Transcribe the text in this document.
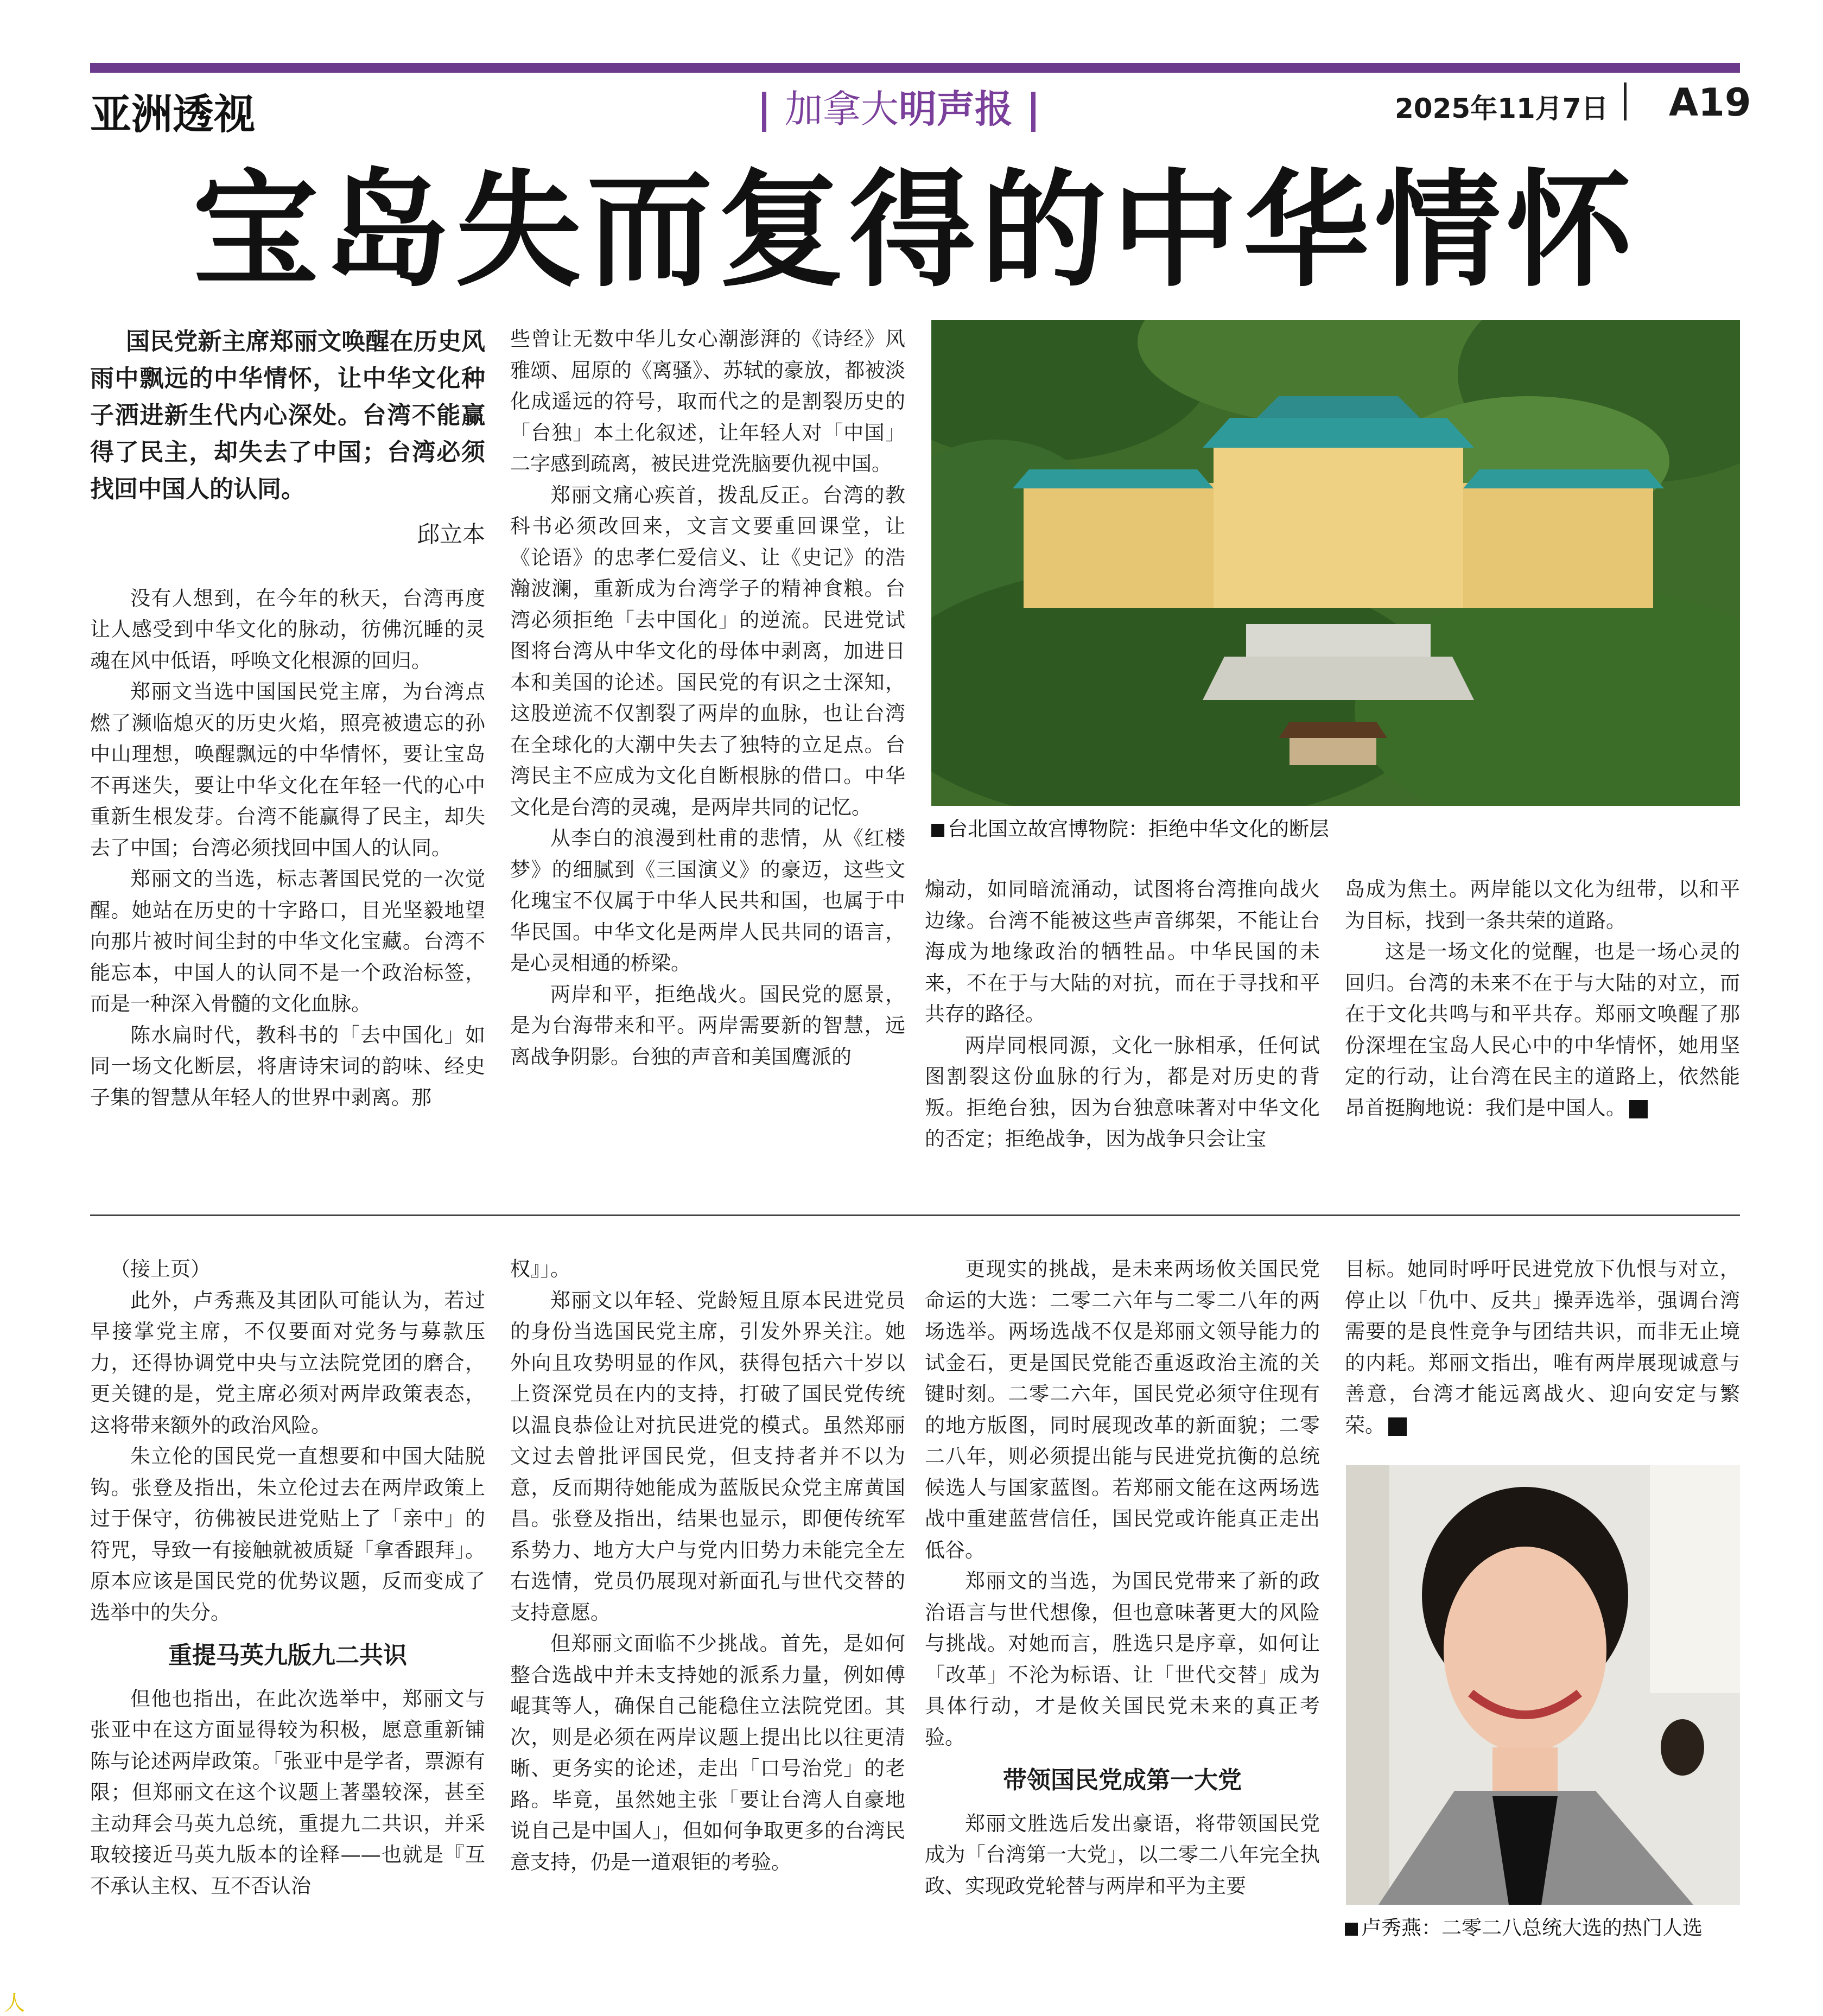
亚洲透视	加拿大明声报	2025年11月7日 A19
宝岛失而复得的中华情怀

国民党新主席郑丽文唤醒在历史风雨中飘远的中华情怀，让中华文化种子洒进新生代内心深处。台湾不能赢得了民主，却失去了中国；台湾必须找回中国人的认同。

邱立本

没有人想到，在今年的秋天，台湾再度让人感受到中华文化的脉动，彷佛沉睡的灵魂在风中低语，呼唤文化根源的回归。

郑丽文当选中国国民党主席，为台湾点燃了濒临熄灭的历史火焰，照亮被遗忘的孙中山理想，唤醒飘远的中华情怀，要让宝岛不再迷失，要让中华文化在年轻一代的心中重新生根发芽。台湾不能赢得了民主，却失去了中国；台湾必须找回中国人的认同。

郑丽文的当选，标志著国民党的一次觉醒。她站在历史的十字路口，目光坚毅地望向那片被时间尘封的中华文化宝藏。台湾不能忘本，中国人的认同不是一个政治标签，而是一种深入骨髓的文化血脉。

陈水扁时代，教科书的「去中国化」如同一场文化断层，将唐诗宋词的韵味、经史子集的智慧从年轻人的世界中剥离。那

些曾让无数中华儿女心潮澎湃的《诗经》风雅颂、屈原的《离骚》、苏轼的豪放，都被淡化成遥远的符号，取而代之的是割裂历史的「台独」本土化叙述，让年轻人对「中国」二字感到疏离，被民进党洗脑要仇视中国。

郑丽文痛心疾首，拨乱反正。台湾的教科书必须改回来，文言文要重回课堂，让《论语》的忠孝仁爱信义、让《史记》的浩瀚波澜，重新成为台湾学子的精神食粮。台湾必须拒绝「去中国化」的逆流。民进党试图将台湾从中华文化的母体中剥离，加进日本和美国的论述。国民党的有识之士深知，这股逆流不仅割裂了两岸的血脉，也让台湾在全球化的大潮中失去了独特的立足点。台湾民主不应成为文化自断根脉的借口。中华文化是台湾的灵魂，是两岸共同的记忆。

从李白的浪漫到杜甫的悲情，从《红楼梦》的细腻到《三国演义》的豪迈，这些文化瑰宝不仅属于中华人民共和国，也属于中华民国。中华文化是两岸人民共同的语言，是心灵相通的桥梁。

两岸和平，拒绝战火。国民党的愿景，是为台海带来和平。两岸需要新的智慧，远离战争阴影。台独的声音和美国鹰派的

台北国立故宫博物院：拒绝中华文化的断层

煽动，如同暗流涌动，试图将台湾推向战火边缘。台湾不能被这些声音绑架，不能让台海成为地缘政治的牺牲品。中华民国的未来，不在于与大陆的对抗，而在于寻找和平共存的路径。

两岸同根同源，文化一脉相承，任何试图割裂这份血脉的行为，都是对历史的背叛。拒绝台独，因为台独意味著对中华文化的否定；拒绝战争，因为战争只会让宝

岛成为焦土。两岸能以文化为纽带，以和平为目标，找到一条共荣的道路。

这是一场文化的觉醒，也是一场心灵的回归。台湾的未来不在于与大陆的对立，而在于文化共鸣与和平共存。郑丽文唤醒了那份深埋在宝岛人民心中的中华情怀，她用坚定的行动，让台湾在民主的道路上，依然能昂首挺胸地说：我们是中国人。

（接上页）

此外，卢秀燕及其团队可能认为，若过早接掌党主席，不仅要面对党务与募款压力，还得协调党中央与立法院党团的磨合，更关键的是，党主席必须对两岸政策表态，这将带来额外的政治风险。

朱立伦的国民党一直想要和中国大陆脱钩。张登及指出，朱立伦过去在两岸政策上过于保守，彷佛被民进党贴上了「亲中」的符咒，导致一有接触就被质疑「拿香跟拜」。原本应该是国民党的优势议题，反而变成了选举中的失分。

重提马英九版九二共识

但他也指出，在此次选举中，郑丽文与张亚中在这方面显得较为积极，愿意重新铺陈与论述两岸政策。「张亚中是学者，票源有限；但郑丽文在这个议题上著墨较深，甚至主动拜会马英九总统，重提九二共识，并采取较接近马英九版本的诠释——也就是『互不承认主权、互不否认治

权』」。

郑丽文以年轻、党龄短且原本民进党员的身份当选国民党主席，引发外界关注。她外向且攻势明显的作风，获得包括六十岁以上资深党员在内的支持，打破了国民党传统以温良恭俭让对抗民进党的模式。虽然郑丽文过去曾批评国民党，但支持者并不以为意，反而期待她能成为蓝版民众党主席黄国昌。张登及指出，结果也显示，即便传统军系势力、地方大户与党内旧势力未能完全左右选情，党员仍展现对新面孔与世代交替的支持意愿。

但郑丽文面临不少挑战。首先，是如何整合选战中并未支持她的派系力量，例如傅崐萁等人，确保自己能稳住立法院党团。其次，则是必须在两岸议题上提出比以往更清晰、更务实的论述，走出「口号治党」的老路。毕竟，虽然她主张「要让台湾人自豪地说自己是中国人」，但如何争取更多的台湾民意支持，仍是一道艰钜的考验。

更现实的挑战，是未来两场攸关国民党命运的大选：二零二六年与二零二八年的两场选举。两场选战不仅是郑丽文领导能力的试金石，更是国民党能否重返政治主流的关键时刻。二零二六年，国民党必须守住现有的地方版图，同时展现改革的新面貌；二零二八年，则必须提出能与民进党抗衡的总统候选人与国家蓝图。若郑丽文能在这两场选战中重建蓝营信任，国民党或许能真正走出低谷。

郑丽文的当选，为国民党带来了新的政治语言与世代想像，但也意味著更大的风险与挑战。对她而言，胜选只是序章，如何让「改革」不沦为标语、让「世代交替」成为具体行动，才是攸关国民党未来的真正考验。

带领国民党成第一大党

郑丽文胜选后发出豪语，将带领国民党成为「台湾第一大党」，以二零二八年完全执政、实现政党轮替与两岸和平为主要

目标。她同时呼吁民进党放下仇恨与对立，停止以「仇中、反共」操弄选举，强调台湾需要的是良性竞争与团结共识，而非无止境的内耗。郑丽文指出，唯有两岸展现诚意与善意，台湾才能远离战火、迎向安定与繁荣。

卢秀燕：二零二八总统大选的热门人选
人
